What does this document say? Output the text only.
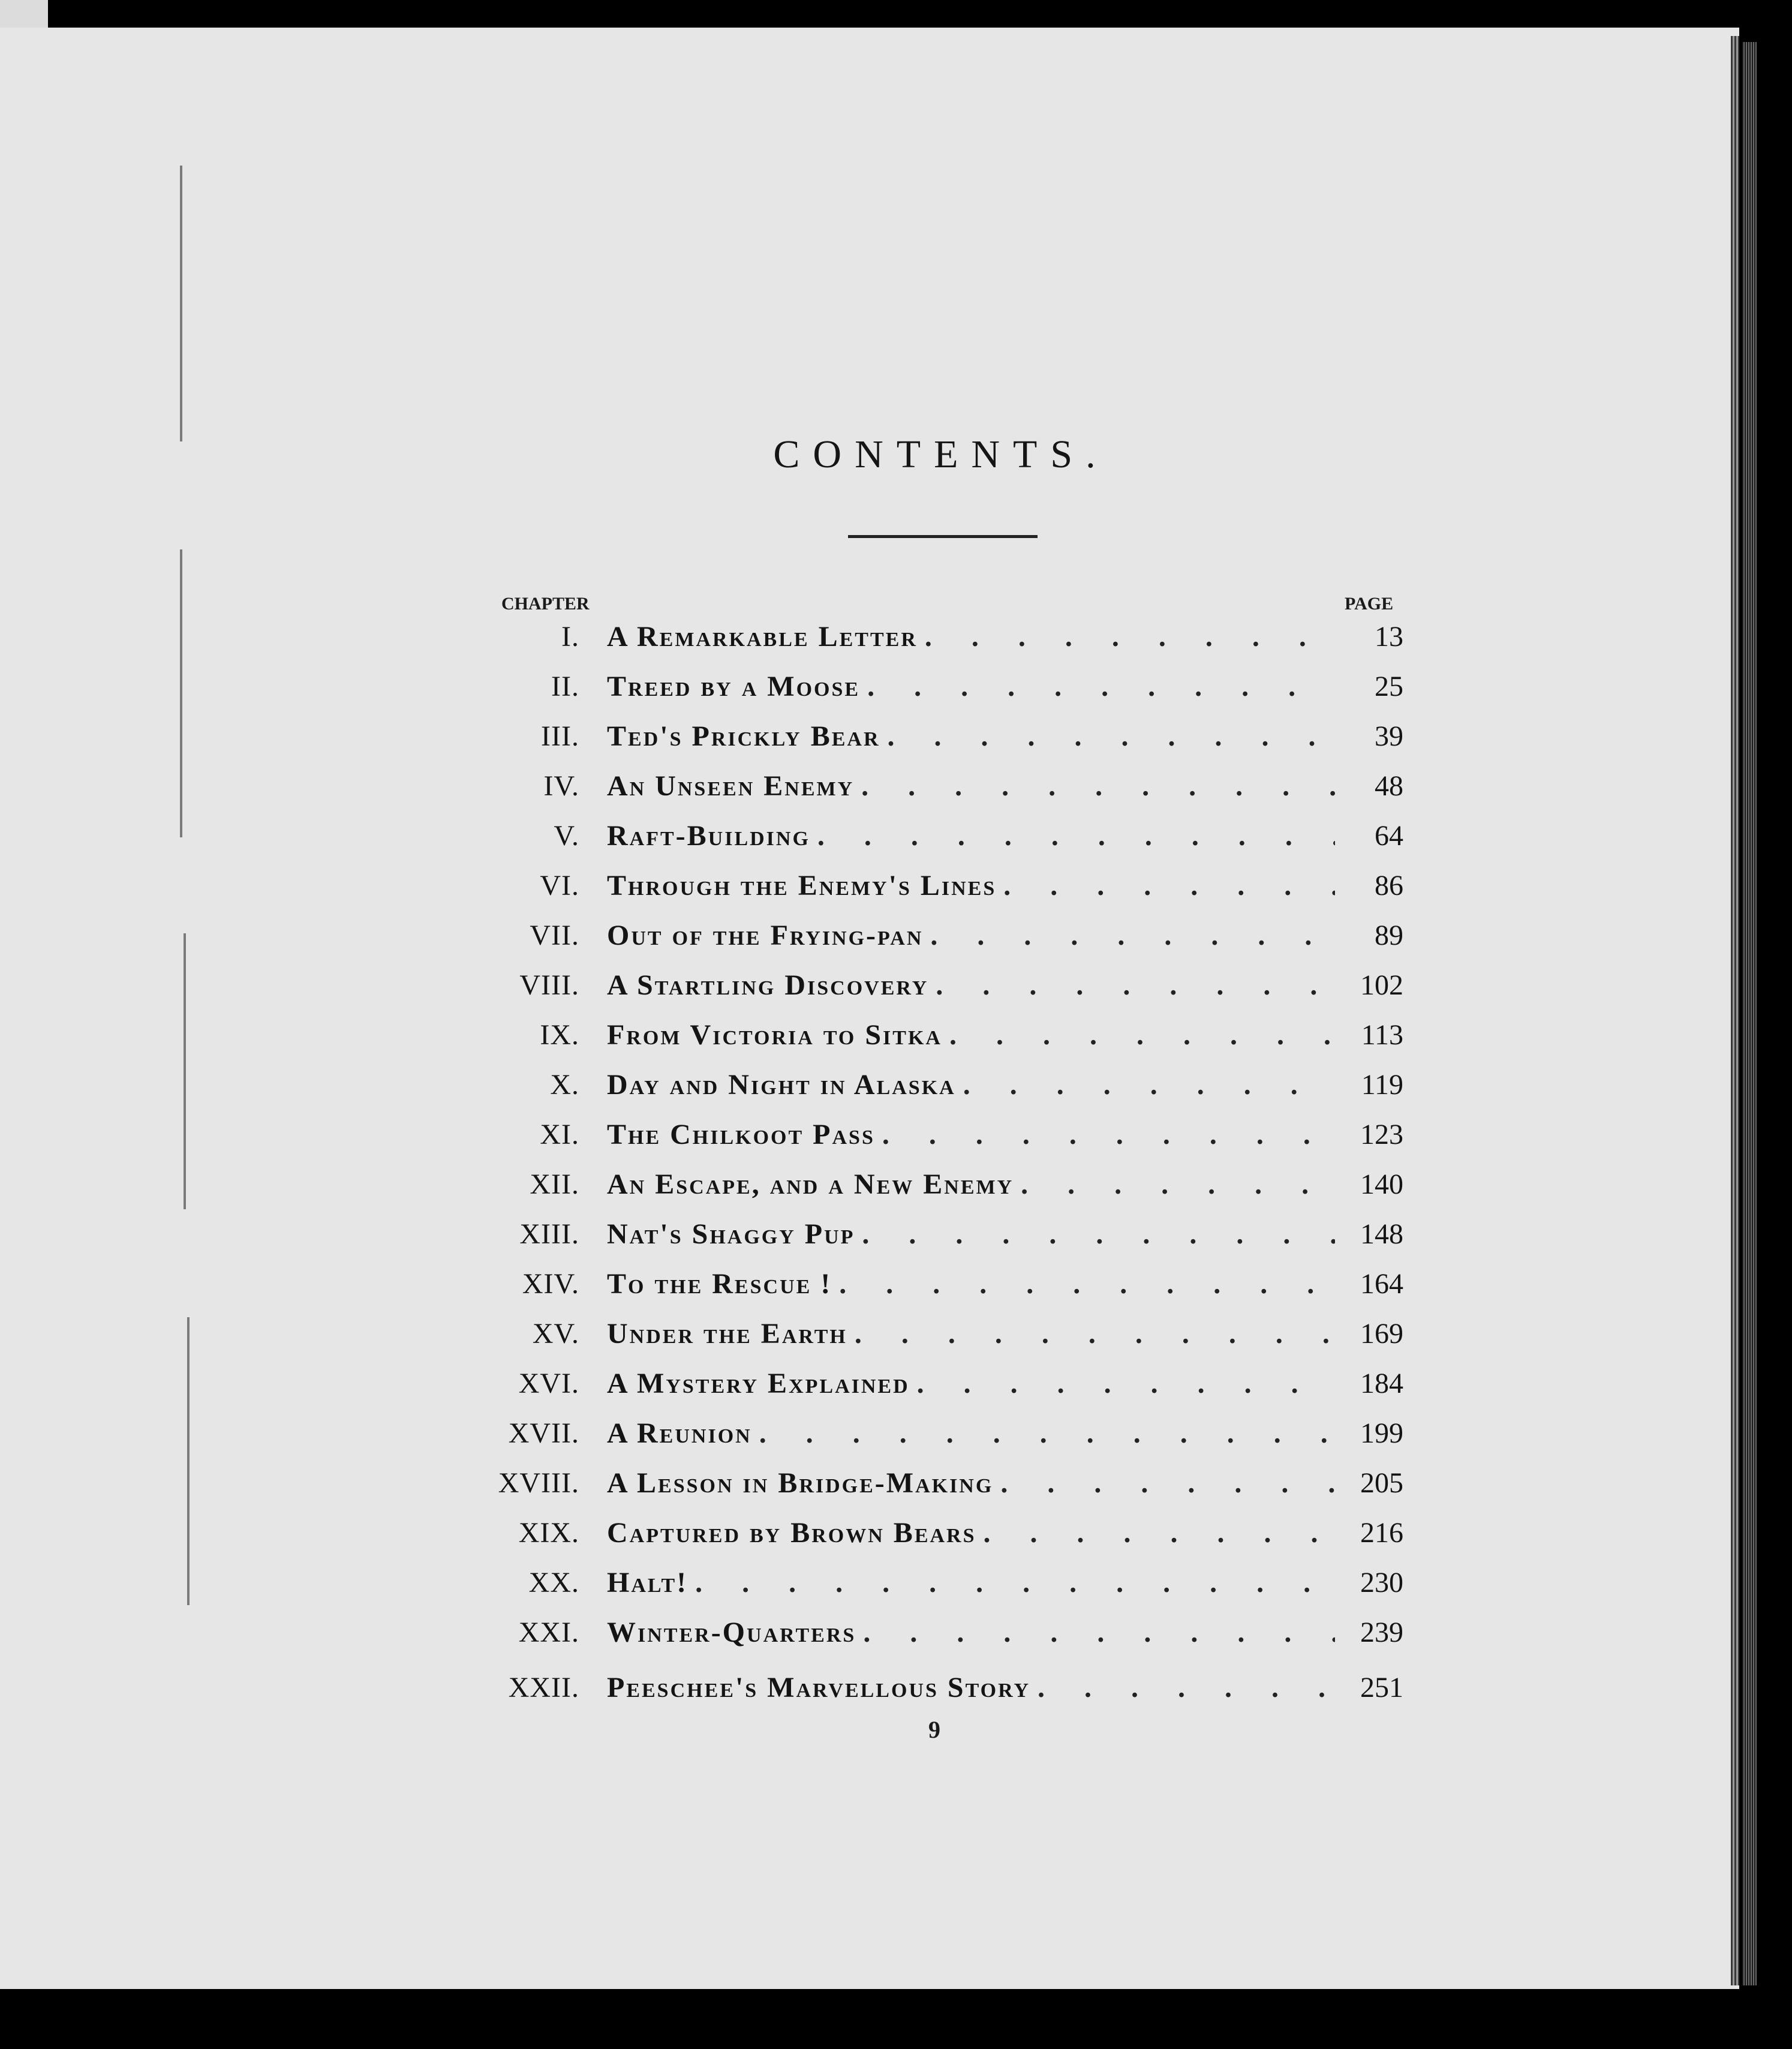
CONTENTS.
CHAPTER	PAGE
I. A Remarkable Letter . . .	13
II. Treed by a Moose . . .	25
III. Ted's Prickly Bear . . .	39
IV. An Unseen Enemy . . .	48
V. Raft-Building . . .	64
VI. Through the Enemy's Lines . . .	86
VII. Out of the Frying-pan . . .	89
VIII. A Startling Discovery . . .	102
IX. From Victoria to Sitka . . .	113
X. Day and Night in Alaska . . .	119
XI. The Chilkoot Pass . . .	123
XII. An Escape, and a New Enemy . . .	140
XIII. Nat's Shaggy Pup . . .	148
XIV. To the Rescue ! . . .	164
XV. Under the Earth . . .	169
XVI. A Mystery Explained . . .	184
XVII. A Reunion . . .	199
XVIII. A Lesson in Bridge-Making . . .	205
XIX. Captured by Brown Bears . . .	216
XX. Halt! . . .	230
XXI. Winter-Quarters . . .	239
XXII. Peeschee's Marvellous Story . . .	251
9
